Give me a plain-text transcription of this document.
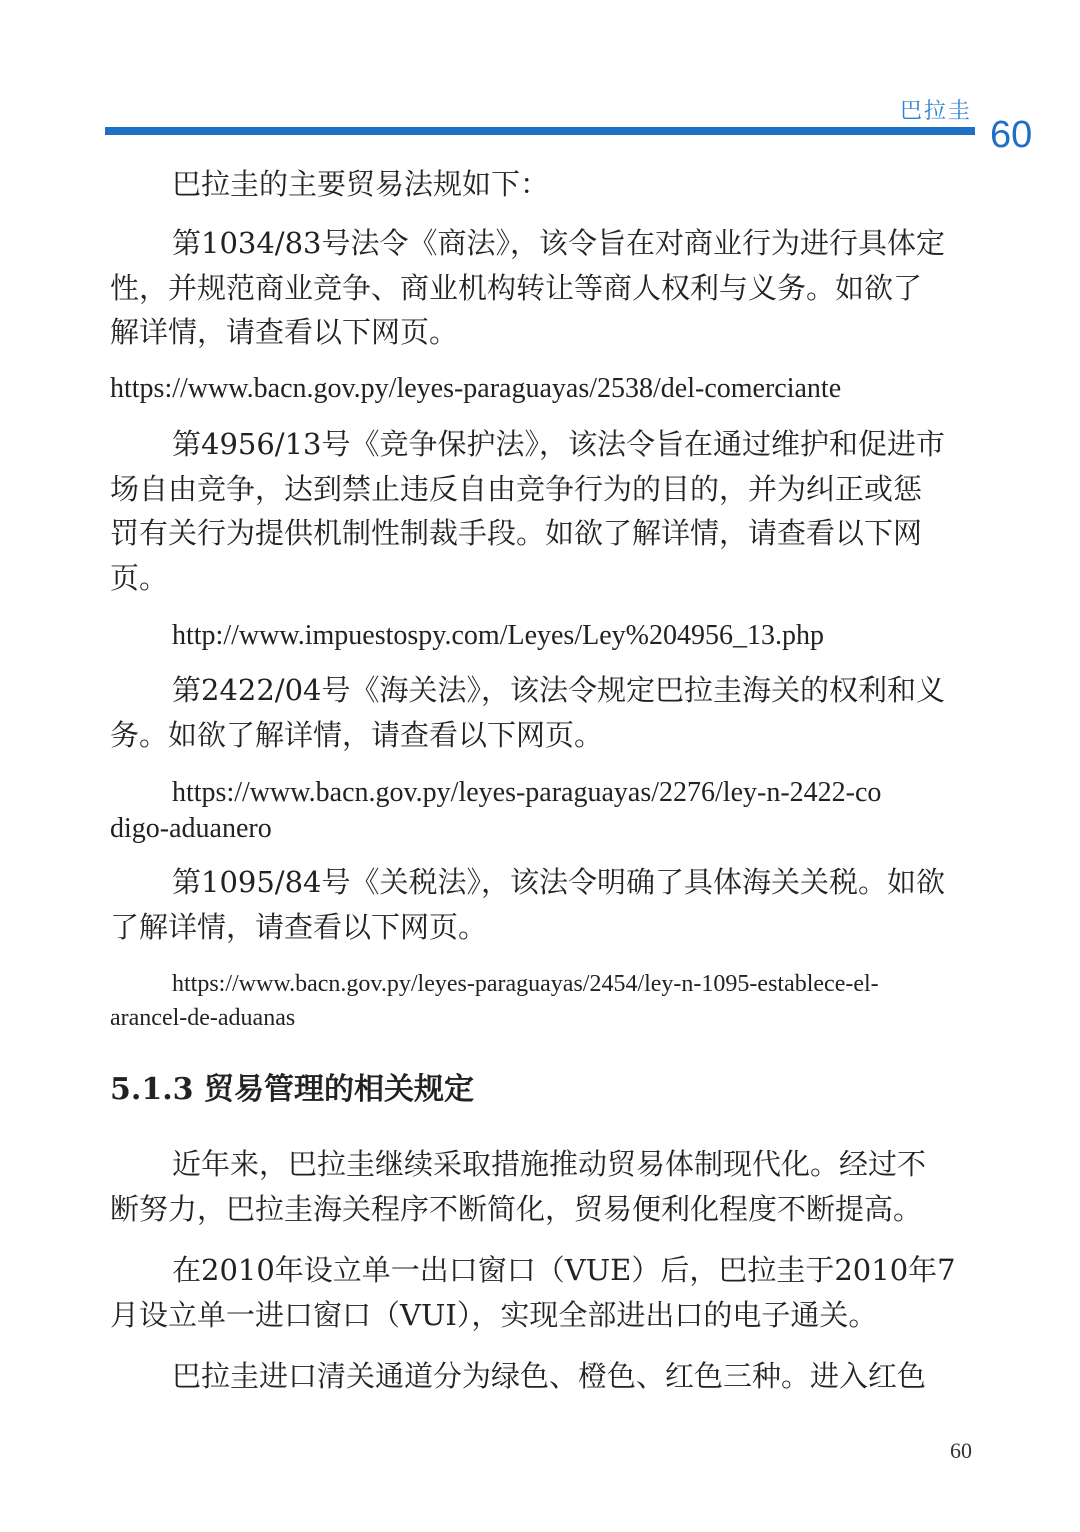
巴拉圭
60

巴拉圭的主要贸易法规如下：

第1034/83号法令《商法》，该令旨在对商业行为进行具体定

性，并规范商业竞争、商业机构转让等商人权利与义务。如欲了

解详情，请查看以下网页。

https://www.bacn.gov.py/leyes-paraguayas/2538/del-comerciante

第4956/13号《竞争保护法》，该法令旨在通过维护和促进市

场自由竞争，达到禁止违反自由竞争行为的目的，并为纠正或惩

罚有关行为提供机制性制裁手段。如欲了解详情，请查看以下网

页。

http://www.impuestospy.com/Leyes/Ley%204956_13.php

第2422/04号《海关法》，该法令规定巴拉圭海关的权利和义

务。如欲了解详情，请查看以下网页。

https://www.bacn.gov.py/leyes-paraguayas/2276/ley-n-2422-co

digo-aduanero

第1095/84号《关税法》，该法令明确了具体海关关税。如欲

了解详情，请查看以下网页。

https://www.bacn.gov.py/leyes-paraguayas/2454/ley-n-1095-establece-el-

arancel-de-aduanas

5.1.3 贸易管理的相关规定

近年来，巴拉圭继续采取措施推动贸易体制现代化。经过不

断努力，巴拉圭海关程序不断简化，贸易便利化程度不断提高。

在2010年设立单一出口窗口（VUE）后，巴拉圭于2010年7

月设立单一进口窗口（VUI），实现全部进出口的电子通关。

巴拉圭进口清关通道分为绿色、橙色、红色三种。进入红色

60
